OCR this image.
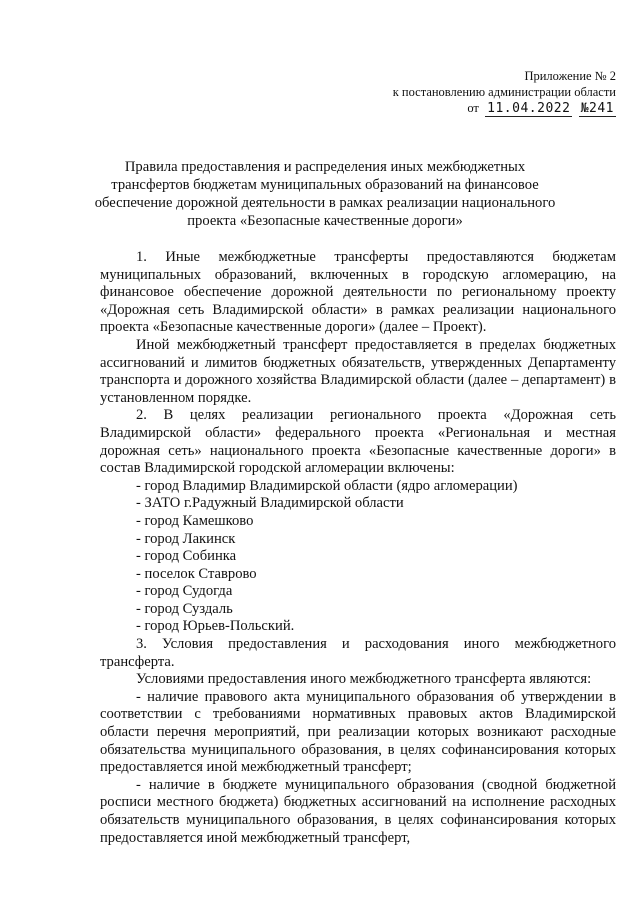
Приложение № 2
к постановлению администрации области
от 11.04.2022 №241
Правила предоставления и распределения иных межбюджетных трансфертов бюджетам муниципальных образований на финансовое обеспечение дорожной деятельности в рамках реализации национального проекта «Безопасные качественные дороги»

1. Иные межбюджетные трансферты предоставляются бюджетам муниципальных образований, включенных в городскую агломерацию, на финансовое обеспечение дорожной деятельности по региональному проекту «Дорожная сеть Владимирской области» в рамках реализации национального проекта «Безопасные качественные дороги» (далее – Проект).

Иной межбюджетный трансферт предоставляется в пределах бюджетных ассигнований и лимитов бюджетных обязательств, утвержденных Департаменту транспорта и дорожного хозяйства Владимирской области (далее – департамент) в установленном порядке.

2. В целях реализации регионального проекта «Дорожная сеть Владимирской области» федерального проекта «Региональная и местная дорожная сеть» национального проекта «Безопасные качественные дороги» в состав Владимирской городской агломерации включены:

- город Владимир Владимирской области (ядро агломерации)
- ЗАТО г.Радужный Владимирской области
- город Камешково
- город Лакинск
- город Собинка
- поселок Ставрово
- город Судогда
- город Суздаль
- город Юрьев-Польский.

3. Условия предоставления и расходования иного межбюджетного трансферта.

Условиями предоставления иного межбюджетного трансферта являются:

- наличие правового акта муниципального образования об утверждении в соответствии с требованиями нормативных правовых актов Владимирской области перечня мероприятий, при реализации которых возникают расходные обязательства муниципального образования, в целях софинансирования которых предоставляется иной межбюджетный трансферт;

- наличие в бюджете муниципального образования (сводной бюджетной росписи местного бюджета) бюджетных ассигнований на исполнение расходных обязательств муниципального образования, в целях софинансирования которых предоставляется иной межбюджетный трансферт,
